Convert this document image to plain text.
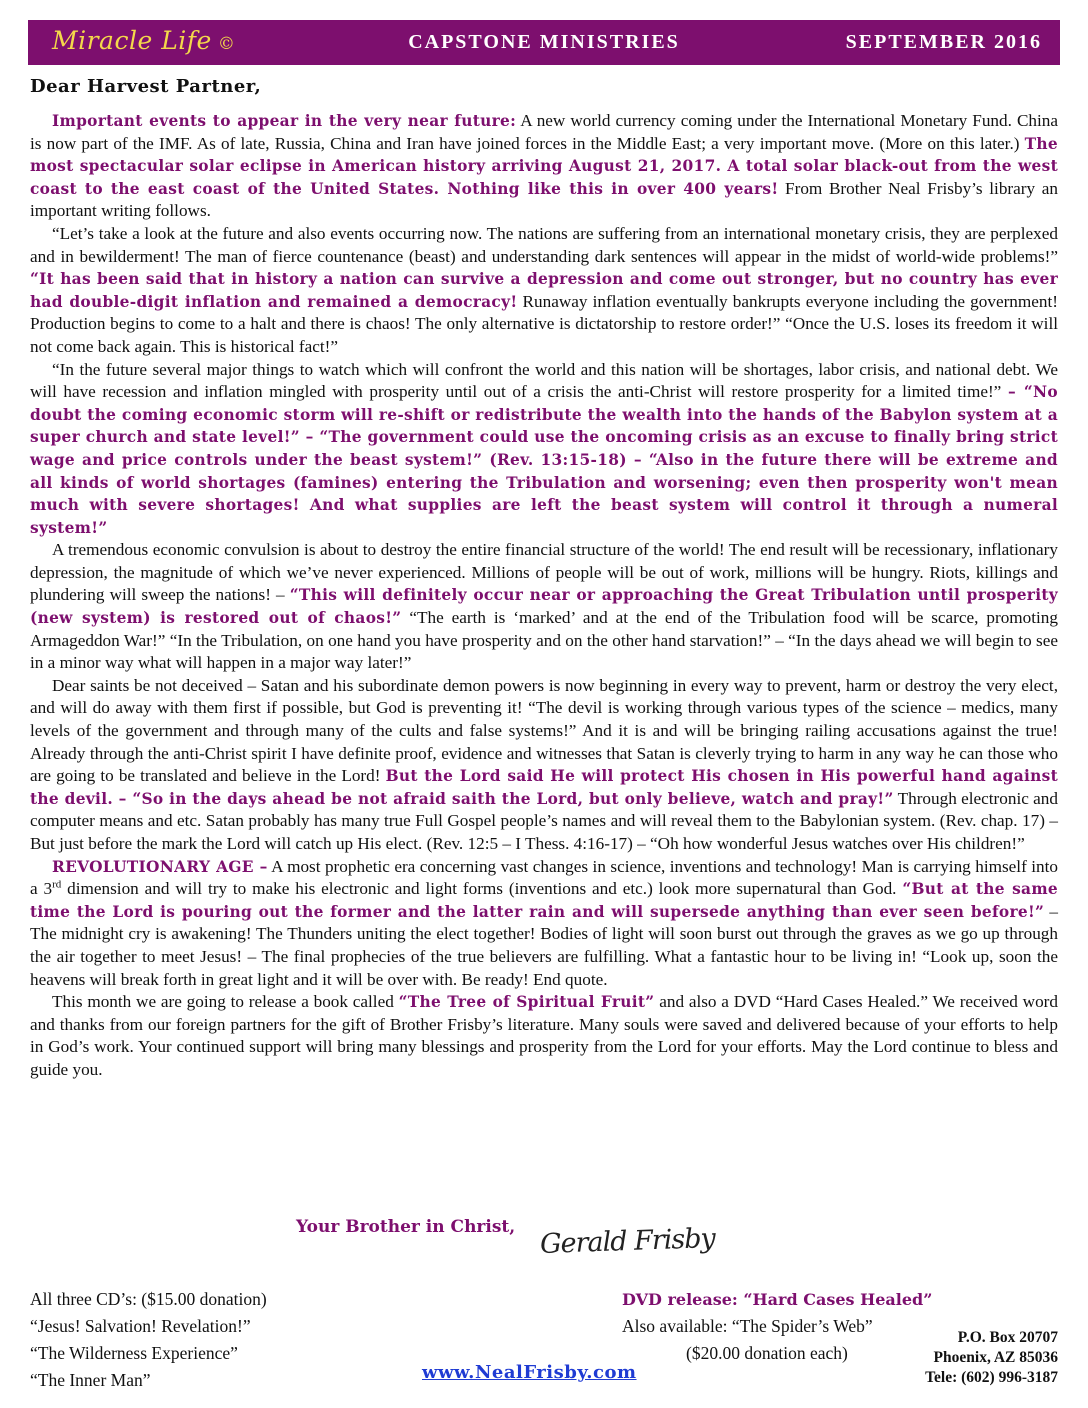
Miracle Life ©	CAPSTONE MINISTRIES	SEPTEMBER 2016
Dear Harvest Partner,

Important events to appear in the very near future: A new world currency coming under the International Monetary Fund. China is now part of the IMF. As of late, Russia, China and Iran have joined forces in the Middle East; a very important move. (More on this later.) The most spectacular solar eclipse in American history arriving August 21, 2017. A total solar black-out from the west coast to the east coast of the United States. Nothing like this in over 400 years! From Brother Neal Frisby’s library an important writing follows.

“Let’s take a look at the future and also events occurring now. The nations are suffering from an international monetary crisis, they are perplexed and in bewilderment! The man of fierce countenance (beast) and understanding dark sentences will appear in the midst of world-wide problems!” “It has been said that in history a nation can survive a depression and come out stronger, but no country has ever had double-digit inflation and remained a democracy! Runaway inflation eventually bankrupts everyone including the government! Production begins to come to a halt and there is chaos! The only alternative is dictatorship to restore order!” “Once the U.S. loses its freedom it will not come back again. This is historical fact!”

“In the future several major things to watch which will confront the world and this nation will be shortages, labor crisis, and national debt. We will have recession and inflation mingled with prosperity until out of a crisis the anti-Christ will restore prosperity for a limited time!” – “No doubt the coming economic storm will re-shift or redistribute the wealth into the hands of the Babylon system at a super church and state level!” – “The government could use the oncoming crisis as an excuse to finally bring strict wage and price controls under the beast system!” (Rev. 13:15-18) – “Also in the future there will be extreme and all kinds of world shortages (famines) entering the Tribulation and worsening; even then prosperity won't mean much with severe shortages! And what supplies are left the beast system will control it through a numeral system!”

A tremendous economic convulsion is about to destroy the entire financial structure of the world! The end result will be recessionary, inflationary depression, the magnitude of which we’ve never experienced. Millions of people will be out of work, millions will be hungry. Riots, killings and plundering will sweep the nations! – “This will definitely occur near or approaching the Great Tribulation until prosperity (new system) is restored out of chaos!” “The earth is ‘marked’ and at the end of the Tribulation food will be scarce, promoting Armageddon War!” “In the Tribulation, on one hand you have prosperity and on the other hand starvation!” – “In the days ahead we will begin to see in a minor way what will happen in a major way later!”

Dear saints be not deceived – Satan and his subordinate demon powers is now beginning in every way to prevent, harm or destroy the very elect, and will do away with them first if possible, but God is preventing it! “The devil is working through various types of the science – medics, many levels of the government and through many of the cults and false systems!” And it is and will be bringing railing accusations against the true! Already through the anti-Christ spirit I have definite proof, evidence and witnesses that Satan is cleverly trying to harm in any way he can those who are going to be translated and believe in the Lord! But the Lord said He will protect His chosen in His powerful hand against the devil. – “So in the days ahead be not afraid saith the Lord, but only believe, watch and pray!” Through electronic and computer means and etc. Satan probably has many true Full Gospel people’s names and will reveal them to the Babylonian system. (Rev. chap. 17) – But just before the mark the Lord will catch up His elect. (Rev. 12:5 – I Thess. 4:16-17) – “Oh how wonderful Jesus watches over His children!”

REVOLUTIONARY AGE – A most prophetic era concerning vast changes in science, inventions and technology! Man is carrying himself into a 3rd dimension and will try to make his electronic and light forms (inventions and etc.) look more supernatural than God. “But at the same time the Lord is pouring out the former and the latter rain and will supersede anything than ever seen before!” – The midnight cry is awakening! The Thunders uniting the elect together! Bodies of light will soon burst out through the graves as we go up through the air together to meet Jesus! – The final prophecies of the true believers are fulfilling. What a fantastic hour to be living in! “Look up, soon the heavens will break forth in great light and it will be over with. Be ready! End quote.

This month we are going to release a book called “The Tree of Spiritual Fruit” and also a DVD “Hard Cases Healed.” We received word and thanks from our foreign partners for the gift of Brother Frisby’s literature. Many souls were saved and delivered because of your efforts to help in God’s work. Your continued support will bring many blessings and prosperity from the Lord for your efforts. May the Lord continue to bless and guide you.

Your Brother in Christ, Gerald Frisby
All three CD’s: ($15.00 donation)
“Jesus! Salvation! Revelation!”
“The Wilderness Experience”
“The Inner Man”
DVD release: “Hard Cases Healed”
Also available: “The Spider’s Web”
($20.00 donation each)
P.O. Box 20707
Phoenix, AZ 85036
Tele: (602) 996-3187
www.NealFrisby.com
